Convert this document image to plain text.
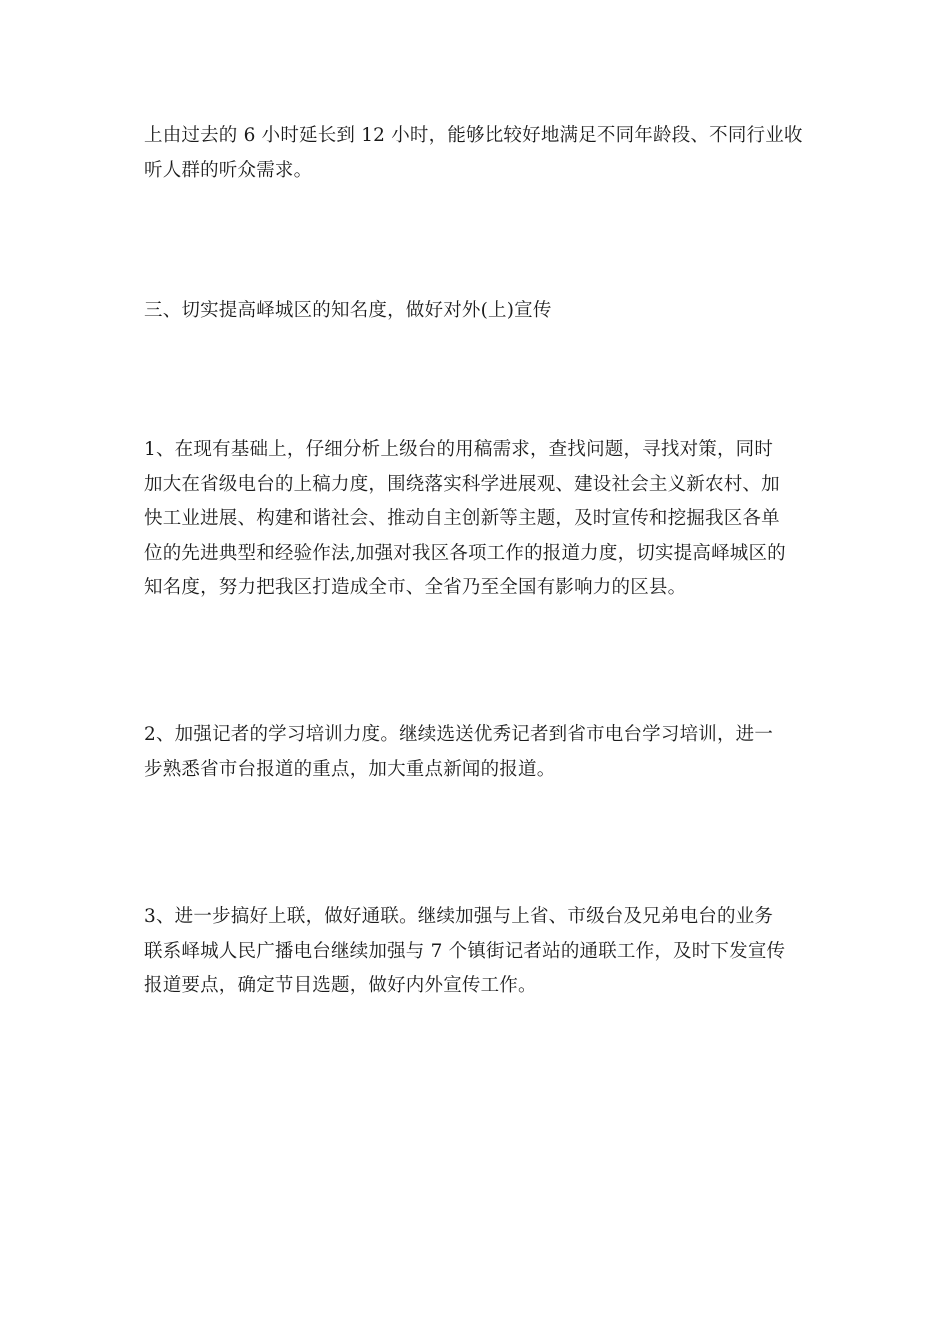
上由过去的 6 小时延长到 12 小时，能够比较好地满足不同年龄段、不同行业收
听人群的听众需求。
三、切实提高峄城区的知名度，做好对外(上)宣传
1、在现有基础上，仔细分析上级台的用稿需求，查找问题，寻找对策，同时
加大在省级电台的上稿力度，围绕落实科学进展观、建设社会主义新农村、加
快工业进展、构建和谐社会、推动自主创新等主题，及时宣传和挖掘我区各单
位的先进典型和经验作法,加强对我区各项工作的报道力度，切实提高峄城区的
知名度，努力把我区打造成全市、全省乃至全国有影响力的区县。
2、加强记者的学习培训力度。继续选送优秀记者到省市电台学习培训，进一
步熟悉省市台报道的重点，加大重点新闻的报道。
3、进一步搞好上联，做好通联。继续加强与上省、市级台及兄弟电台的业务
联系峄城人民广播电台继续加强与 7 个镇街记者站的通联工作，及时下发宣传
报道要点，确定节目选题，做好内外宣传工作。
